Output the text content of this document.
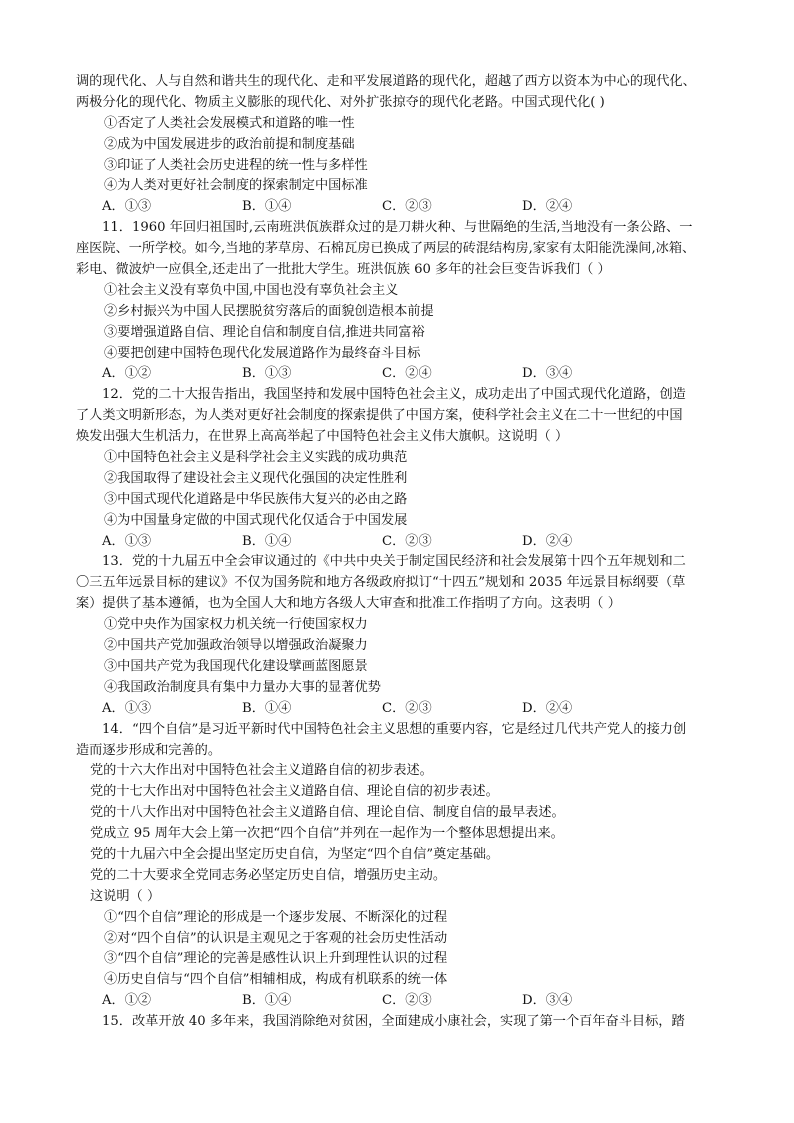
调的现代化、人与自然和谐共生的现代化、走和平发展道路的现代化，超越了西方以资本为中心的现代化、
两极分化的现代化、物质主义膨胀的现代化、对外扩张掠夺的现代化老路。中国式现代化( )
①否定了人类社会发展模式和道路的唯一性
②成为中国发展进步的政治前提和制度基础
③印证了人类社会历史进程的统一性与多样性
④为人类对更好社会制度的探索制定中国标准
A．①③	B．①④	C．②③	D．②④
11．1960 年回归祖国时,云南班洪佤族群众过的是刀耕火种、与世隔绝的生活,当地没有一条公路、一
座医院、一所学校。如今,当地的茅草房、石棉瓦房已换成了两层的砖混结构房,家家有太阳能洗澡间,冰箱、
彩电、微波炉一应俱全,还走出了一批批大学生。班洪佤族 60 多年的社会巨变告诉我们（ ）
①社会主义没有辜负中国,中国也没有辜负社会主义
②乡村振兴为中国人民摆脱贫穷落后的面貌创造根本前提
③要增强道路自信、理论自信和制度自信,推进共同富裕
④要把创建中国特色现代化发展道路作为最终奋斗目标
A．①②	B．①③	C．②④	D．③④
12．党的二十大报告指出，我国坚持和发展中国特色社会主义，成功走出了中国式现代化道路，创造
了人类文明新形态，为人类对更好社会制度的探索提供了中国方案，使科学社会主义在二十一世纪的中国
焕发出强大生机活力，在世界上高高举起了中国特色社会主义伟大旗帜。这说明（ ）
①中国特色社会主义是科学社会主义实践的成功典范
②我国取得了建设社会主义现代化强国的决定性胜利
③中国式现代化道路是中华民族伟大复兴的必由之路
④为中国量身定做的中国式现代化仅适合于中国发展
A．①③	B．①④	C．②③	D．②④
13．党的十九届五中全会审议通过的《中共中央关于制定国民经济和社会发展第十四个五年规划和二
〇三五年远景目标的建议》不仅为国务院和地方各级政府拟订“十四五”规划和 2035 年远景目标纲要（草
案）提供了基本遵循，也为全国人大和地方各级人大审查和批准工作指明了方向。这表明（ ）
①党中央作为国家权力机关统一行使国家权力
②中国共产党加强政治领导以增强政治凝聚力
③中国共产党为我国现代化建设擘画蓝图愿景
④我国政治制度具有集中力量办大事的显著优势
A．①③	B．①④	C．②③	D．②④
14．“四个自信”是习近平新时代中国特色社会主义思想的重要内容，它是经过几代共产党人的接力创
造而逐步形成和完善的。
党的十六大作出对中国特色社会主义道路自信的初步表述。
党的十七大作出对中国特色社会主义道路自信、理论自信的初步表述。
党的十八大作出对中国特色社会主义道路自信、理论自信、制度自信的最早表述。
党成立 95 周年大会上第一次把“四个自信”并列在一起作为一个整体思想提出来。
党的十九届六中全会提出坚定历史自信，为坚定“四个自信”奠定基础。
党的二十大要求全党同志务必坚定历史自信，增强历史主动。
这说明（ ）
①“四个自信”理论的形成是一个逐步发展、不断深化的过程
②对“四个自信”的认识是主观见之于客观的社会历史性活动
③“四个自信”理论的完善是感性认识上升到理性认识的过程
④历史自信与“四个自信”相辅相成，构成有机联系的统一体
A．①②	B．①④	C．②③	D．③④
15．改革开放 40 多年来，我国消除绝对贫困，全面建成小康社会，实现了第一个百年奋斗目标，踏
